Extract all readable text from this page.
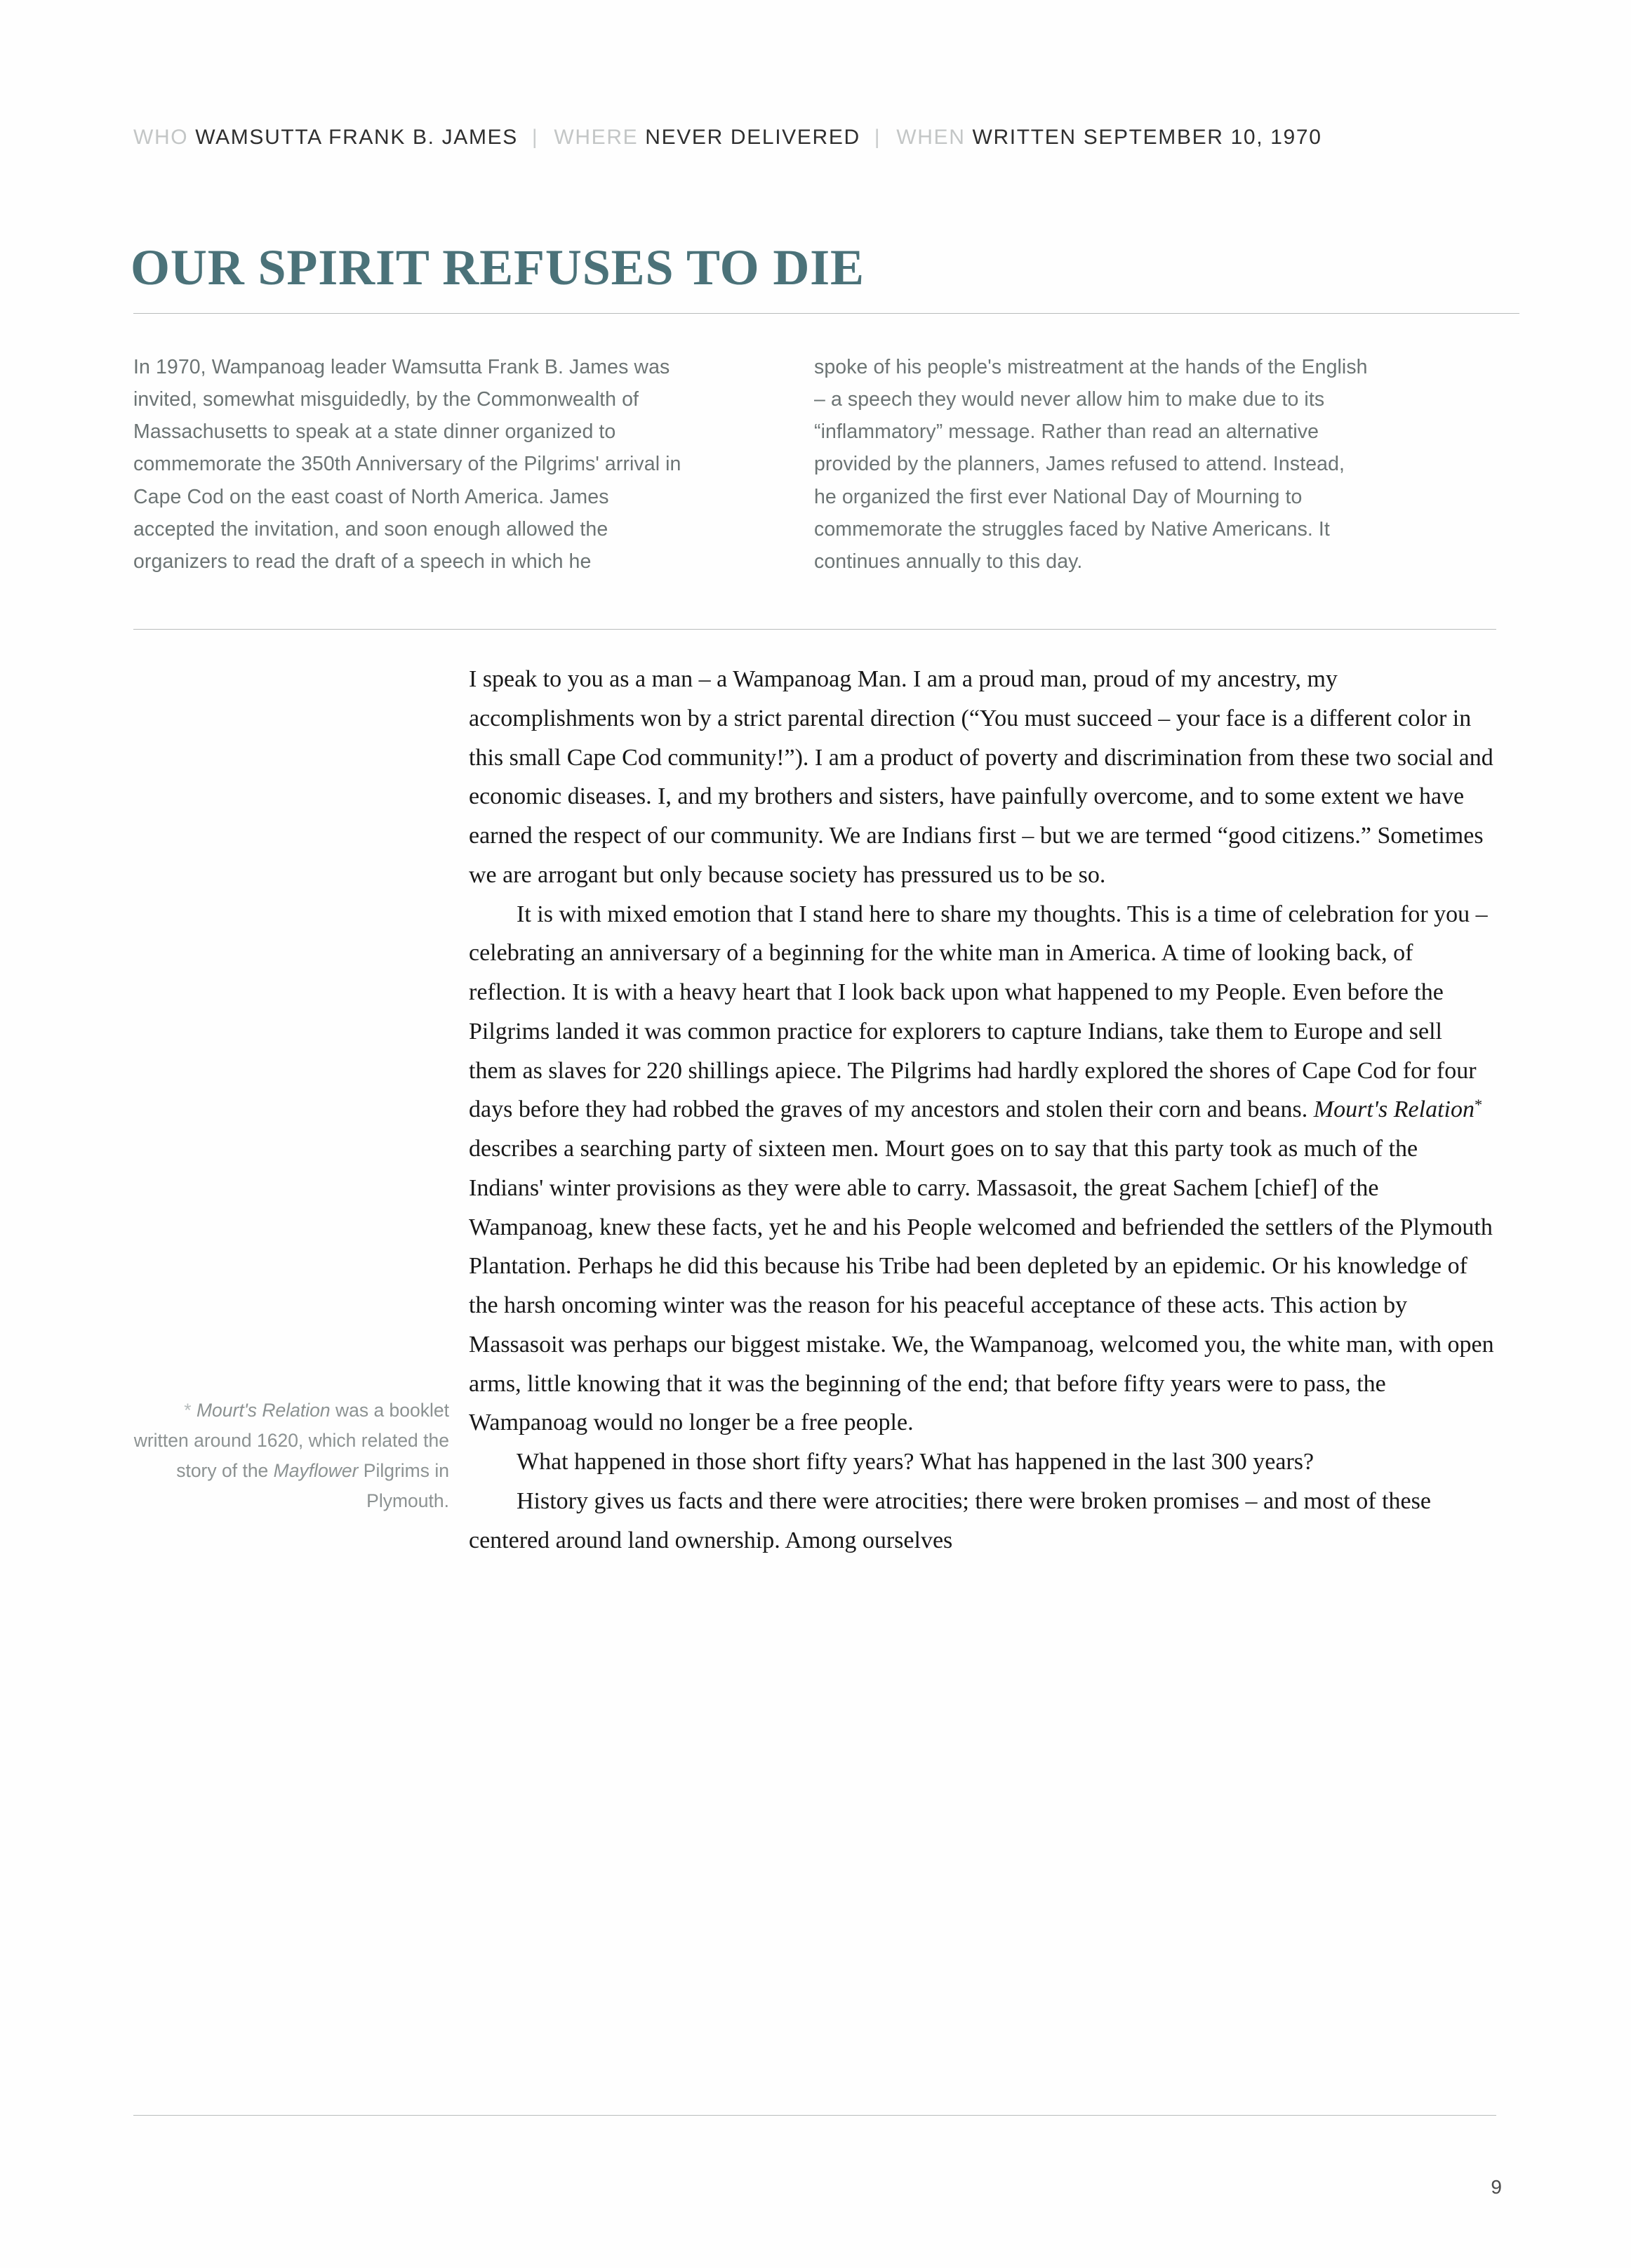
WHO WAMSUTTA FRANK B. JAMES | WHERE NEVER DELIVERED | WHEN WRITTEN SEPTEMBER 10, 1970
OUR SPIRIT REFUSES TO DIE
In 1970, Wampanoag leader Wamsutta Frank B. James was invited, somewhat misguidedly, by the Commonwealth of Massachusetts to speak at a state dinner organized to commemorate the 350th Anniversary of the Pilgrims' arrival in Cape Cod on the east coast of North America. James accepted the invitation, and soon enough allowed the organizers to read the draft of a speech in which he
spoke of his people's mistreatment at the hands of the English – a speech they would never allow him to make due to its “inflammatory” message. Rather than read an alternative provided by the planners, James refused to attend. Instead, he organized the first ever National Day of Mourning to commemorate the struggles faced by Native Americans. It continues annually to this day.
* Mourt's Relation was a booklet written around 1620, which related the story of the Mayflower Pilgrims in Plymouth.

I speak to you as a man – a Wampanoag Man. I am a proud man, proud of my ancestry, my accomplishments won by a strict parental direction (“You must succeed – your face is a different color in this small Cape Cod community!”). I am a product of poverty and discrimination from these two social and economic diseases. I, and my brothers and sisters, have painfully overcome, and to some extent we have earned the respect of our community. We are Indians first – but we are termed “good citizens.” Sometimes we are arrogant but only because society has pressured us to be so.

It is with mixed emotion that I stand here to share my thoughts. This is a time of celebration for you – celebrating an anniversary of a beginning for the white man in America. A time of looking back, of reflection. It is with a heavy heart that I look back upon what happened to my People. Even before the Pilgrims landed it was common practice for explorers to capture Indians, take them to Europe and sell them as slaves for 220 shillings apiece. The Pilgrims had hardly explored the shores of Cape Cod for four days before they had robbed the graves of my ancestors and stolen their corn and beans. Mourt's Relation* describes a searching party of sixteen men. Mourt goes on to say that this party took as much of the Indians' winter provisions as they were able to carry. Massasoit, the great Sachem [chief] of the Wampanoag, knew these facts, yet he and his People welcomed and befriended the settlers of the Plymouth Plantation. Perhaps he did this because his Tribe had been depleted by an epidemic. Or his knowledge of the harsh oncoming winter was the reason for his peaceful acceptance of these acts. This action by Massasoit was perhaps our biggest mistake. We, the Wampanoag, welcomed you, the white man, with open arms, little knowing that it was the beginning of the end; that before fifty years were to pass, the Wampanoag would no longer be a free people.

What happened in those short fifty years? What has happened in the last 300 years?

History gives us facts and there were atrocities; there were broken promises – and most of these centered around land ownership. Among ourselves

9
